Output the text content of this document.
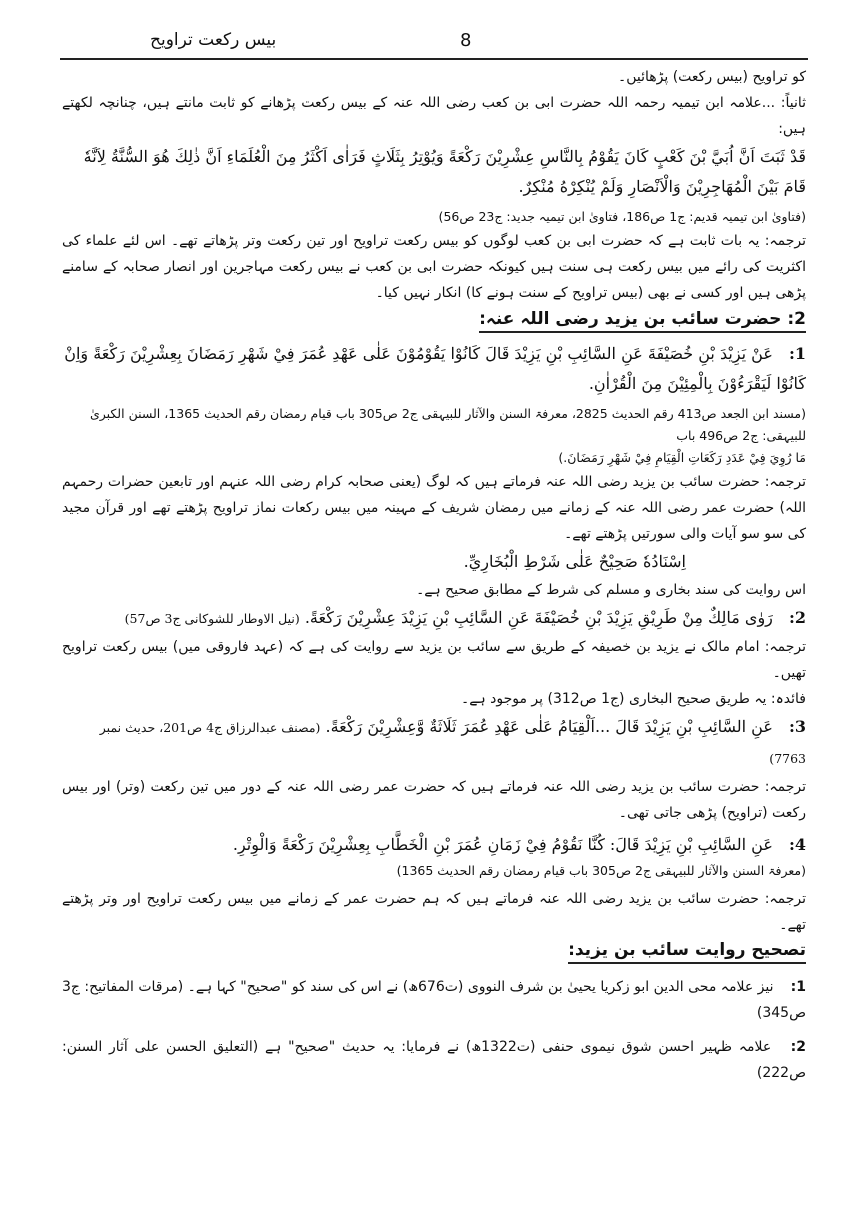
بیس رکعت تراویح	8

کو تراویح (بیس رکعت) پڑھائیں۔

ثانیاً: ...علامہ ابن تیمیہ رحمہ اللہ حضرت ابی بن کعب رضی اللہ عنہ کے بیس رکعت پڑھانے کو ثابت مانتے ہیں، چنانچہ لکھتے ہیں:

قَدْ ثَبَتَ اَنَّ اُبَيَّ بْنَ كَعْبٍ كَانَ يَقُوْمُ بِالنَّاسِ عِشْرِيْنَ رَكْعَةً وَيُوْتِرُ بِثَلَاثٍ فَرَاٰى اَكْثَرُ مِنَ الْعُلَمَاءِ اَنَّ ذٰلِكَ هُوَ السُّنَّةُ لِاَنَّهٗ

قَامَ بَيْنَ الْمُهَاجِرِيْنَ وَالْاَنْصَارِ وَلَمْ يُنْكِرْهُ مُنْكِرٌ.

(فتاویٰ ابن تیمیہ قدیم: ج1 ص186، فتاویٰ ابن تیمیہ جدید: ج23 ص56)

ترجمہ: یہ بات ثابت ہے کہ حضرت ابی بن کعب لوگوں کو بیس رکعت تراویح اور تین رکعت وتر پڑھاتے تھے۔ اس لئے علماء کی اکثریت کی رائے میں بیس رکعت ہی سنت ہیں کیونکہ حضرت ابی بن کعب نے بیس رکعت مہاجرین اور انصار صحابہ کے سامنے پڑھی ہیں اور کسی نے بھی (بیس تراویح کے سنت ہونے کا) انکار نہیں کیا۔

2: حضرت سائب بن یزید رضی اللہ عنہ:

1: عَنْ يَزِيْدَ بْنِ خُصَيْفَةَ عَنِ السَّائِبِ بْنِ يَزِيْدَ قَالَ كَانُوْا يَقُوْمُوْنَ عَلٰى عَهْدِ عُمَرَ فِيْ شَهْرِ رَمَضَانَ بِعِشْرِيْنَ رَكْعَةً وَاِنْ كَانُوْا لَيَقْرَءُوْنَ بِالْمِئِيْنَ مِنَ الْقُرْاٰنِ.

(مسند ابن الجعد ص413 رقم الحدیث 2825، معرفۃ السنن والآثار للبیہقی ج2 ص305 باب قیام رمضان رقم الحدیث 1365، السنن الکبریٰ للبیہقی: ج2 ص496 باب

مَا رُوِيَ فِيْ عَدَدِ رَكَعَاتِ الْقِيَامِ فِيْ شَهْرِ رَمَضَانَ.)

ترجمہ: حضرت سائب بن یزید رضی اللہ عنہ فرماتے ہیں کہ لوگ (یعنی صحابہ کرام رضی اللہ عنہم اور تابعین حضرات رحمہم اللہ) حضرت عمر رضی اللہ عنہ کے زمانے میں رمضان شریف کے مہینہ میں بیس رکعات نماز تراویح پڑھتے تھے اور قرآن مجید کی سو سو آیات والی سورتیں پڑھتے تھے۔

اِسْنَادُهٗ صَحِيْحٌ عَلٰى شَرْطِ الْبُخَارِيِّ.

اس روایت کی سند بخاری و مسلم کی شرط کے مطابق صحیح ہے۔

2: رَوٰى مَالِكٌ مِنْ طَرِيْقِ يَزِيْدَ بْنِ خُصَيْفَةَ عَنِ السَّائِبِ بْنِ يَزِيْدَ عِشْرِيْنَ رَكْعَةً. (نیل الاوطار للشوکانی ج3 ص57)

ترجمہ: امام مالک نے یزید بن خصیفہ کے طریق سے سائب بن یزید سے روایت کی ہے کہ (عہد فاروقی میں) بیس رکعت تراویح تھیں۔

فائدہ: یہ طریق صحیح البخاری (ج1 ص312) پر موجود ہے۔

3: عَنِ السَّائِبِ بْنِ يَزِيْدَ قَالَ ...اَلْقِيَامُ عَلٰى عَهْدِ عُمَرَ ثَلَاثَةٌ وَّعِشْرِيْنَ رَكْعَةً. (مصنف عبدالرزاق ج4 ص201، حدیث نمبر 7763)

ترجمہ: حضرت سائب بن یزید رضی اللہ عنہ فرماتے ہیں کہ حضرت عمر رضی اللہ عنہ کے دور میں تین رکعت (وتر) اور بیس رکعت (تراویح) پڑھی جاتی تھی۔

4: عَنِ السَّائِبِ بْنِ يَزِيْدَ قَالَ: كُنَّا نَقُوْمُ فِيْ زَمَانِ عُمَرَ بْنِ الْخَطَّابِ بِعِشْرِيْنَ رَكْعَةً وَالْوِتْرِ.

(معرفۃ السنن والآثار للبیہقی ج2 ص305 باب قیام رمضان رقم الحدیث 1365)

ترجمہ: حضرت سائب بن یزید رضی اللہ عنہ فرماتے ہیں کہ ہم حضرت عمر کے زمانے میں بیس رکعت تراویح اور وتر پڑھتے تھے۔

تصحیح روایت سائب بن یزید:

1: نیز علامہ محی الدین ابو زکریا یحییٰ بن شرف النووی (ت676ھ) نے اس کی سند کو "صحیح" کہا ہے۔ (مرقات المفاتیح: ج3 ص345)

2: علامہ ظہیر احسن شوق نیموی حنفی (ت1322ھ) نے فرمایا: یہ حدیث "صحیح" ہے (التعلیق الحسن علی آثار السنن: ص222)
